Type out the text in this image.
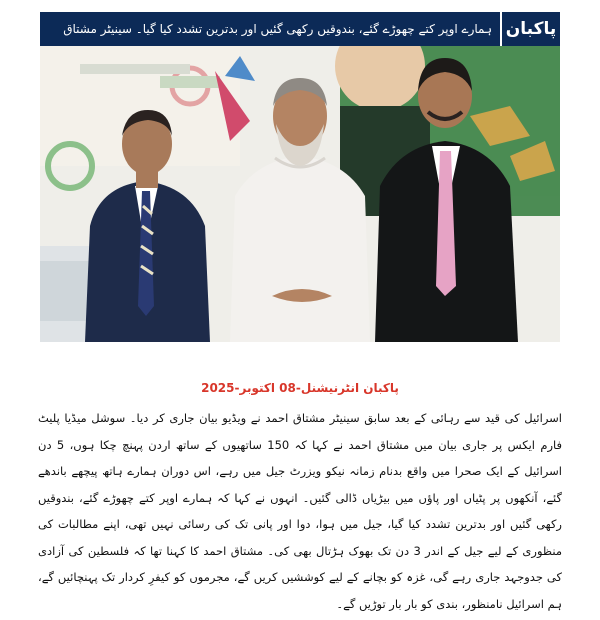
ہمارے اوپر کتے چھوڑے گئے، بندوقیں رکھی گئیں اور بدترین تشدد کیا گیا۔ سینیٹر مشتاق پاکبان
پاکبان انٹرنیشنل-08 اکتوبر-2025

اسرائیل کی قید سے رہائی کے بعد سابق سینیٹر مشتاق احمد نے ویڈیو بیان جاری کر دیا۔ سوشل میڈیا پلیٹ فارم ایکس پر جاری بیان میں مشتاق احمد نے کہا کہ 150 ساتھیوں کے ساتھ اردن پہنچ چکا ہوں، 5 دن اسرائیل کے ایک صحرا میں واقع بدنام زمانہ نیکو ویزرٹ جیل میں رہے، اس دوران ہمارے ہاتھ پیچھے باندھے گئے، آنکھوں پر پٹیاں اور پاؤں میں بیڑیاں ڈالی گئیں۔ انہوں نے کہا کہ ہمارے اوپر کتے چھوڑے گئے، بندوقیں رکھی گئیں اور بدترین تشدد کیا گیا، جیل میں ہوا، دوا اور پانی تک کی رسائی نہیں تھی، اپنے مطالبات کی منظوری کے لیے جیل کے اندر 3 دن تک بھوک ہڑتال بھی کی۔ مشتاق احمد کا کہنا تھا کہ فلسطین کی آزادی کی جدوجہد جاری رہے گی، غزہ کو بچانے کے لیے کوششیں کریں گے، مجرموں کو کیفرِ کردار تک پہنچائیں گے، ہم اسرائیل نامنظور، بندی کو بار بار توڑیں گے۔
